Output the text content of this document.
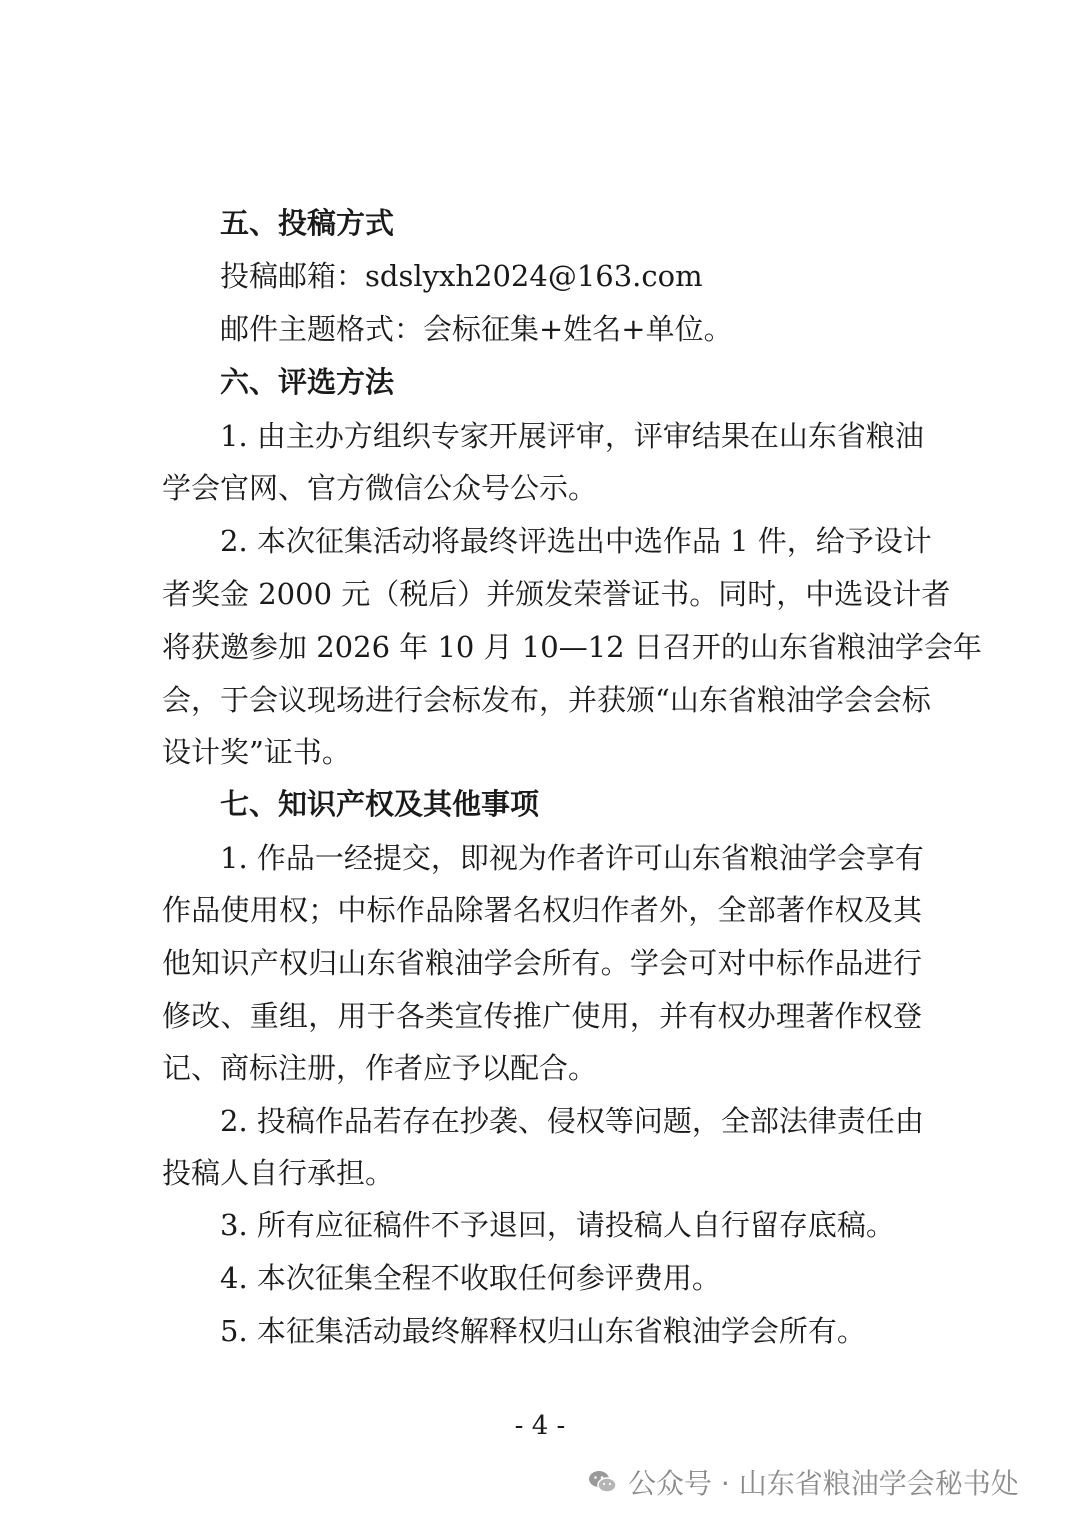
五、投稿方式
投稿邮箱：sdslyxh2024@163.com
邮件主题格式：会标征集+姓名+单位。
六、评选方法
1. 由主办方组织专家开展评审，评审结果在山东省粮油
学会官网、官方微信公众号公示。
2. 本次征集活动将最终评选出中选作品 1 件，给予设计
者奖金 2000 元（税后）并颁发荣誉证书。同时，中选设计者
将获邀参加 2026 年 10 月 10—12 日召开的山东省粮油学会年
会，于会议现场进行会标发布，并获颁“山东省粮油学会会标
设计奖”证书。
七、知识产权及其他事项
1. 作品一经提交，即视为作者许可山东省粮油学会享有
作品使用权；中标作品除署名权归作者外，全部著作权及其
他知识产权归山东省粮油学会所有。学会可对中标作品进行
修改、重组，用于各类宣传推广使用，并有权办理著作权登
记、商标注册，作者应予以配合。
2. 投稿作品若存在抄袭、侵权等问题，全部法律责任由
投稿人自行承担。
3. 所有应征稿件不予退回，请投稿人自行留存底稿。
4. 本次征集全程不收取任何参评费用。
5. 本征集活动最终解释权归山东省粮油学会所有。
- 4 -
公众号 · 山东省粮油学会秘书处
